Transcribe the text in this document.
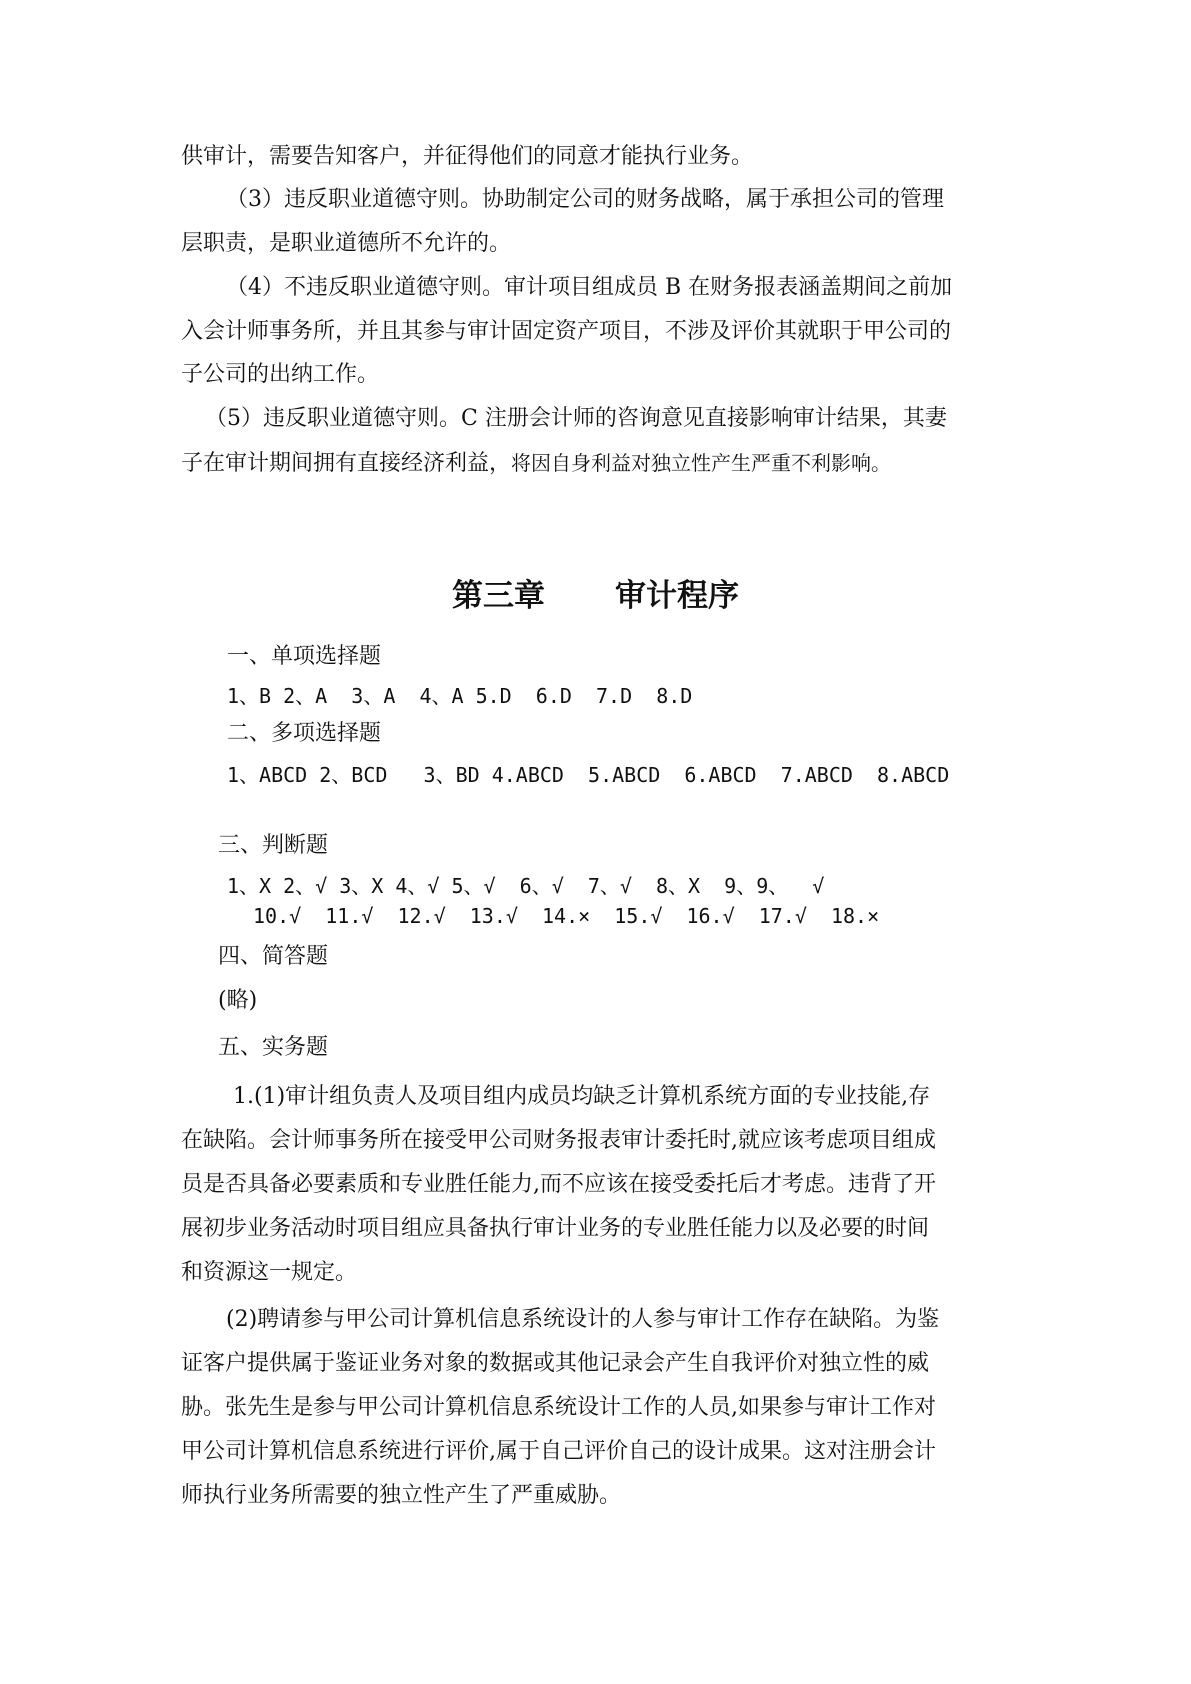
供审计，需要告知客户，并征得他们的同意才能执行业务。

（3）违反职业道德守则。协助制定公司的财务战略，属于承担公司的管理

层职责，是职业道德所不允许的。

（4）不违反职业道德守则。审计项目组成员 B 在财务报表涵盖期间之前加

入会计师事务所，并且其参与审计固定资产项目，不涉及评价其就职于甲公司的

子公司的出纳工作。

（5）违反职业道德守则。C 注册会计师的咨询意见直接影响审计结果，其妻

子在审计期间拥有直接经济利益，将因自身利益对独立性产生严重不利影响。

第三章 审计程序

一、单项选择题

1、B 2、A  3、A  4、A 5.D  6.D  7.D  8.D

二、多项选择题

1、ABCD 2、BCD   3、BD 4.ABCD  5.ABCD  6.ABCD  7.ABCD  8.ABCD

三、判断题

1、X 2、√ 3、X 4、√ 5、√  6、√  7、√  8、X  9、9、  √

10.√  11.√  12.√  13.√  14.×  15.√  16.√  17.√  18.×

四、简答题

(略)

五、实务题

1.(1)审计组负责人及项目组内成员均缺乏计算机系统方面的专业技能,存

在缺陷。会计师事务所在接受甲公司财务报表审计委托时,就应该考虑项目组成

员是否具备必要素质和专业胜任能力,而不应该在接受委托后才考虑。违背了开

展初步业务活动时项目组应具备执行审计业务的专业胜任能力以及必要的时间

和资源这一规定。

(2)聘请参与甲公司计算机信息系统设计的人参与审计工作存在缺陷。为鉴

证客户提供属于鉴证业务对象的数据或其他记录会产生自我评价对独立性的威

胁。张先生是参与甲公司计算机信息系统设计工作的人员,如果参与审计工作对

甲公司计算机信息系统进行评价,属于自己评价自己的设计成果。这对注册会计

师执行业务所需要的独立性产生了严重威胁。
